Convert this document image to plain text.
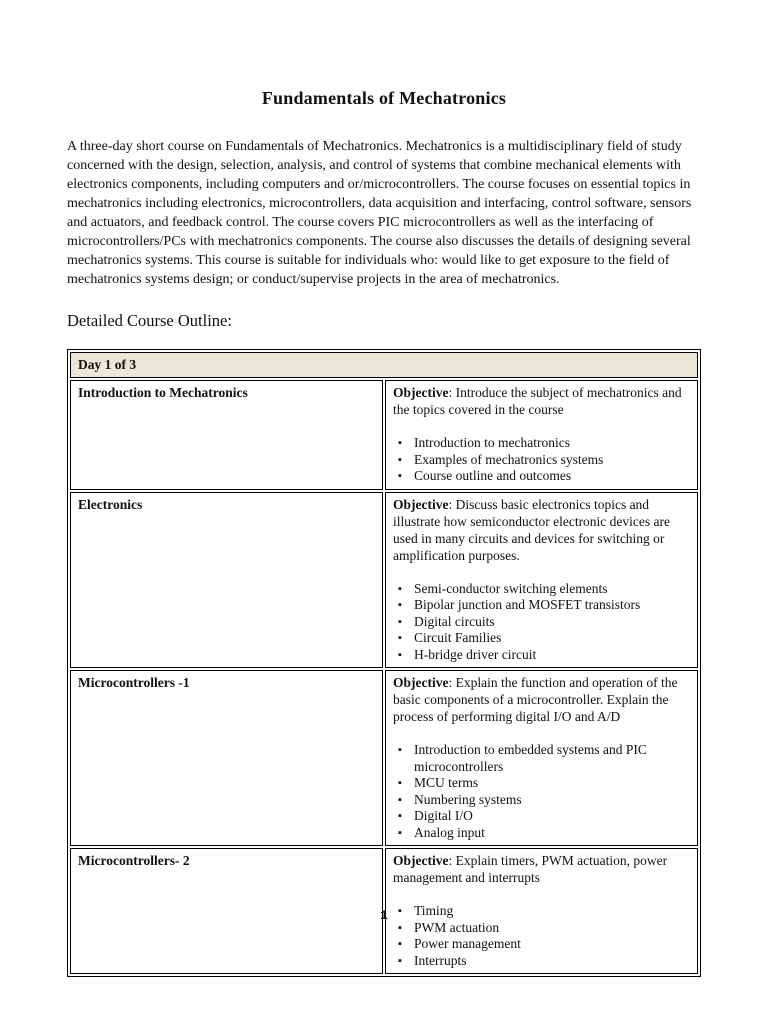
Fundamentals of Mechatronics

A three-day short course on Fundamentals of Mechatronics. Mechatronics is a multidisciplinary field of study concerned with the design, selection, analysis, and control of systems that combine mechanical elements with electronics components, including computers and or/microcontrollers. The course focuses on essential topics in mechatronics including electronics, microcontrollers, data acquisition and interfacing, control software, sensors and actuators, and feedback control. The course covers PIC microcontrollers as well as the interfacing of microcontrollers/PCs with mechatronics components. The course also discusses the details of designing several mechatronics systems. This course is suitable for individuals who: would like to get exposure to the field of mechatronics systems design; or conduct/supervise projects in the area of mechatronics.

Detailed Course Outline:
Day 1 of 3	
Introduction to Mechatronics	Objective: Introduce the subject of mechatronics and the topics covered in the course

▪ Introduction to mechatronics
▪ Examples of mechatronics systems
▪ Course outline and outcomes

Electronics	Objective: Discuss basic electronics topics and illustrate how semiconductor electronic devices are used in many circuits and devices for switching or amplification purposes.

▪ Semi-conductor switching elements
▪ Bipolar junction and MOSFET transistors
▪ Digital circuits
▪ Circuit Families
▪ H-bridge driver circuit

Microcontrollers -1	Objective: Explain the function and operation of the basic components of a microcontroller. Explain the process of performing digital I/O and A/D

▪ Introduction to embedded systems and PIC microcontrollers
▪ MCU terms
▪ Numbering systems
▪ Digital I/O
▪ Analog input

Microcontrollers- 2	Objective: Explain timers, PWM actuation, power management and interrupts

▪ Timing
▪ PWM actuation
▪ Power management
▪ Interrupts
1
